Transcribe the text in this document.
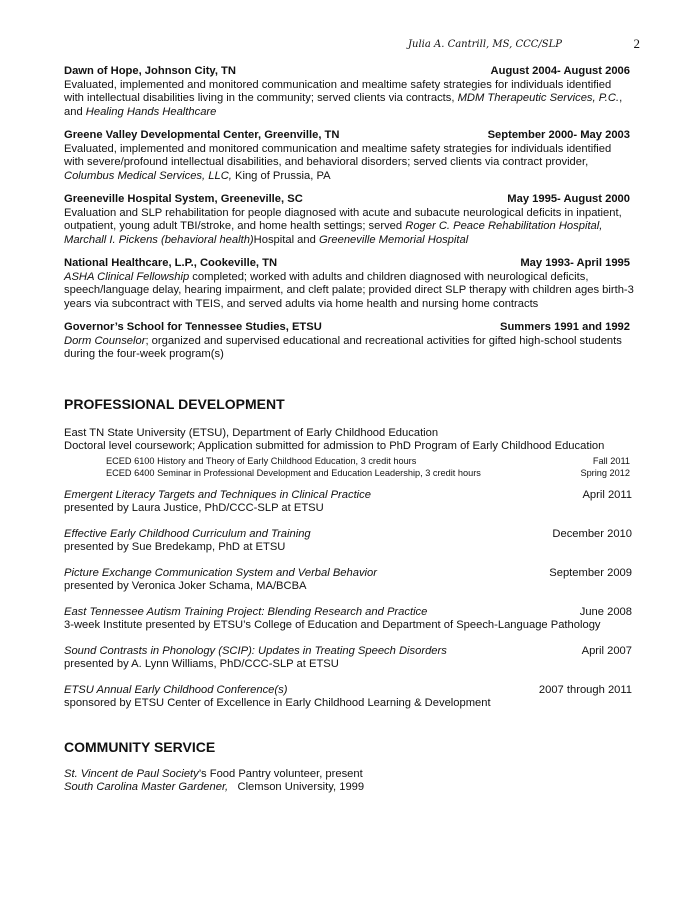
Julia A. Cantrill, MS, CCC/SLP	2
Dawn of Hope, Johnson City, TN	August 2004- August 2006

Evaluated, implemented and monitored communication and mealtime safety strategies for individuals identified with intellectual disabilities living in the community; served clients via contracts, MDM Therapeutic Services, P.C., and Healing Hands Healthcare

Greene Valley Developmental Center, Greenville, TN	September 2000- May 2003

Evaluated, implemented and monitored communication and mealtime safety strategies for individuals identified with severe/profound intellectual disabilities, and behavioral disorders; served clients via contract provider, Columbus Medical Services, LLC, King of Prussia, PA

Greeneville Hospital System, Greeneville, SC	May 1995- August 2000

Evaluation and SLP rehabilitation for people diagnosed with acute and subacute neurological deficits in inpatient, outpatient, young adult TBI/stroke, and home health settings; served Roger C. Peace Rehabilitation Hospital, Marchall I. Pickens (behavioral health)Hospital and Greeneville Memorial Hospital

National Healthcare, L.P., Cookeville, TN	May 1993- April 1995

ASHA Clinical Fellowship completed; worked with adults and children diagnosed with neurological deficits, speech/language delay, hearing impairment, and cleft palate; provided direct SLP therapy with children ages birth-3 years via subcontract with TEIS, and served adults via home health and nursing home contracts

Governor’s School for Tennessee Studies, ETSU	Summers 1991 and 1992

Dorm Counselor; organized and supervised educational and recreational activities for gifted high-school students during the four-week program(s)

PROFESSIONAL DEVELOPMENT

East TN State University (ETSU), Department of Early Childhood Education

Doctoral level coursework; Application submitted for admission to PhD Program of Early Childhood Education

ECED 6100 History and Theory of Early Childhood Education, 3 credit hours	Fall 2011
ECED 6400 Seminar in Professional Development and Education Leadership, 3 credit hours	Spring 2012
Emergent Literacy Targets and Techniques in Clinical Practice	April 2011
presented by Laura Justice, PhD/CCC-SLP at ETSU
Effective Early Childhood Curriculum and Training	December 2010
presented by Sue Bredekamp, PhD at ETSU
Picture Exchange Communication System and Verbal Behavior	September 2009
presented by Veronica Joker Schama, MA/BCBA
East Tennessee Autism Training Project: Blending Research and Practice	June 2008
3-week Institute presented by ETSU’s College of Education and Department of Speech-Language Pathology
Sound Contrasts in Phonology (SCIP): Updates in Treating Speech Disorders	April 2007
presented by A. Lynn Williams, PhD/CCC-SLP at ETSU
ETSU Annual Early Childhood Conference(s)	2007 through 2011
sponsored by ETSU Center of Excellence in Early Childhood Learning & Development
COMMUNITY SERVICE
St. Vincent de Paul Society’s Food Pantry volunteer, present
South Carolina Master Gardener,   Clemson University, 1999
